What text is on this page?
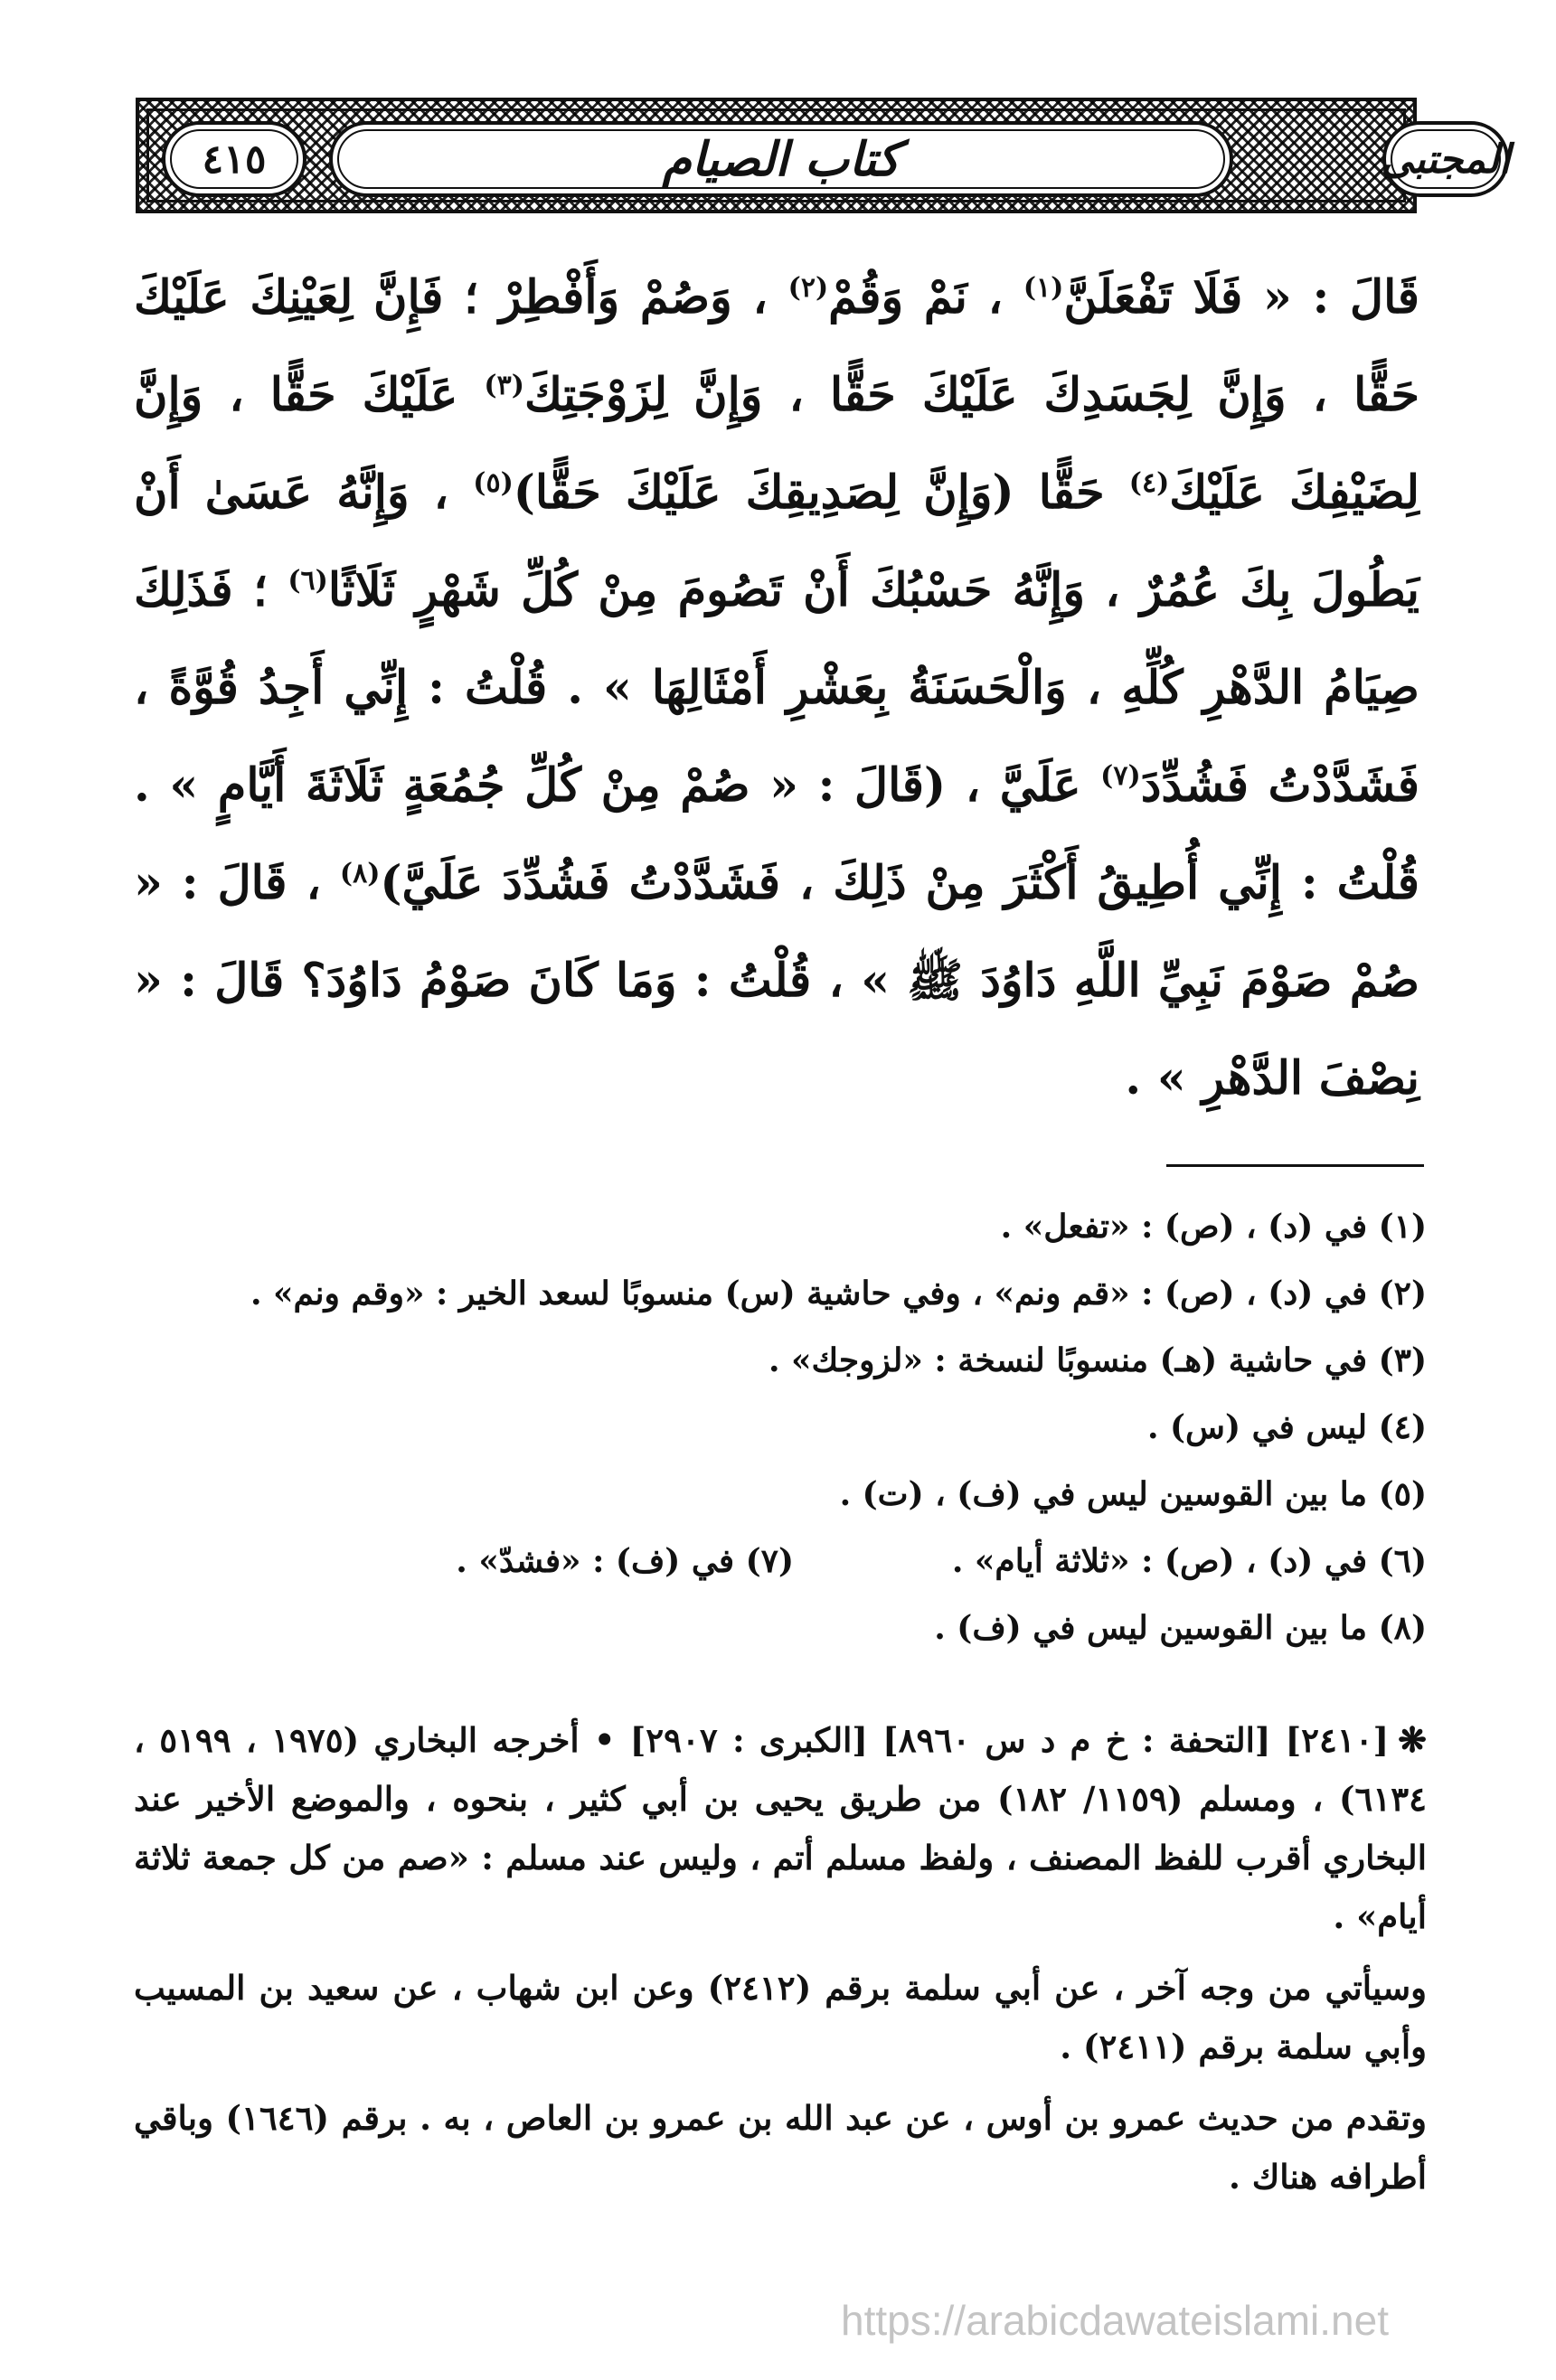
المجتبى
كتاب الصيام
٤١٥
قَالَ : « فَلَا تَفْعَلَنَّ$^{(١)}$ ، نَمْ وَقُمْ$^{(٢)}$ ، وَصُمْ وَأَفْطِرْ ؛ فَإِنَّ لِعَيْنِكَ عَلَيْكَ حَقًّا ، وَإِنَّ لِجَسَدِكَ عَلَيْكَ حَقًّا ، وَإِنَّ لِزَوْجَتِكَ$^{(٣)}$ عَلَيْكَ حَقًّا ، وَإِنَّ لِضَيْفِكَ عَلَيْكَ$^{(٤)}$ حَقًّا (وَإِنَّ لِصَدِيقِكَ عَلَيْكَ حَقًّا)$^{(٥)}$ ، وَإِنَّهُ عَسَىٰ أَنْ يَطُولَ بِكَ عُمُرٌ ، وَإِنَّهُ حَسْبُكَ أَنْ تَصُومَ مِنْ كُلِّ شَهْرٍ ثَلَاثًا$^{(٦)}$ ؛ فَذَلِكَ صِيَامُ الدَّهْرِ كُلِّهِ ، وَالْحَسَنَةُ بِعَشْرِ أَمْثَالِهَا » . قُلْتُ : إِنِّي أَجِدُ قُوَّةً ، فَشَدَّدْتُ فَشُدِّدَ$^{(٧)}$ عَلَيَّ ، (قَالَ : « صُمْ مِنْ كُلِّ جُمُعَةٍ ثَلَاثَةَ أَيَّامٍ » . قُلْتُ : إِنِّي أُطِيقُ أَكْثَرَ مِنْ ذَلِكَ ، فَشَدَّدْتُ فَشُدِّدَ عَلَيَّ)$^{(٨)}$ ، قَالَ : « صُمْ صَوْمَ نَبِيِّ اللَّهِ دَاوُدَ ﷺ » ، قُلْتُ : وَمَا كَانَ صَوْمُ دَاوُدَ؟ قَالَ : « نِصْفَ الدَّهْرِ » .
(١) في (د) ، (ص) : «تفعل» .
(٢) في (د) ، (ص) : «قم ونم» ، وفي حاشية (س) منسوبًا لسعد الخير : «وقم ونم» .
(٣) في حاشية (هـ) منسوبًا لنسخة : «لزوجك» .
(٤) ليس في (س) .
(٥) ما بين القوسين ليس في (ف) ، (ت) .
(٦) في (د) ، (ص) : «ثلاثة أيام» .
(٧) في (ف) : «فشدّ» .
(٨) ما بين القوسين ليس في (ف) .

❋[٢٤١٠] [التحفة : خ م د س ٨٩٦٠] [الكبرى : ٢٩٠٧] • أخرجه البخاري (١٩٧٥ ، ٥١٩٩ ، ٦١٣٤) ، ومسلم (١١٥٩/ ١٨٢) من طريق يحيى بن أبي كثير ، بنحوه ، والموضع الأخير عند البخاري أقرب للفظ المصنف ، ولفظ مسلم أتم ، وليس عند مسلم : «صم من كل جمعة ثلاثة أيام» .

وسيأتي من وجه آخر ، عن أبي سلمة برقم (٢٤١٢) وعن ابن شهاب ، عن سعيد بن المسيب وأبي سلمة برقم (٢٤١١) .

وتقدم من حديث عمرو بن أوس ، عن عبد الله بن عمرو بن العاص ، به . برقم (١٦٤٦) وباقي أطرافه هناك .

https://arabicdawateislami.net
